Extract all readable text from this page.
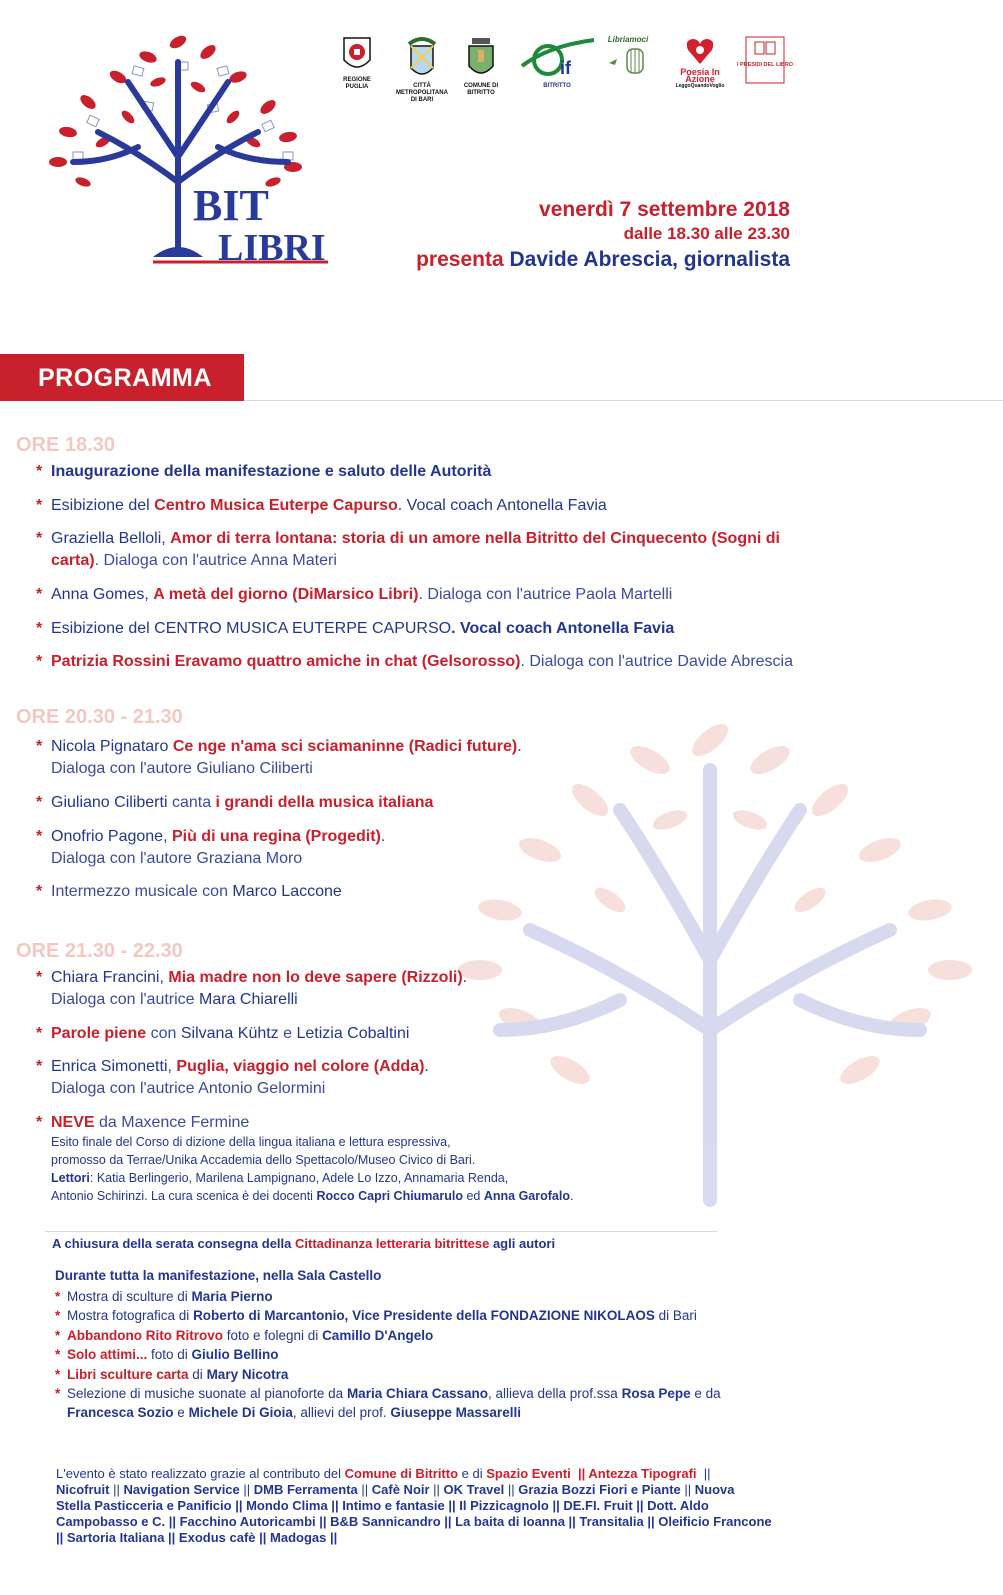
BIT
LIBRI
REGIONE PUGLIA	CITTÀ METROPOLITANA DI BARI
COMUNE DI BITRITTO
if
BITRITTO
Libriamoci
Poesia In Azione
LeggoQuandoVoglio
I PRESIDI DEL LIBRO
venerdì 7 settembre 2018
dalle 18.30 alle 23.30
presenta Davide Abrescia, giornalista
PROGRAMMA
ORE 18.30
* Inaugurazione della manifestazione e saluto delle Autorità
* Esibizione del Centro Musica Euterpe Capurso. Vocal coach Antonella Favia
* Graziella Belloli, Amor di terra lontana: storia di un amore nella Bitritto del Cinquecento (Sogni di carta). Dialoga con l'autrice Anna Materi
* Anna Gomes, A metà del giorno (DiMarsico Libri). Dialoga con l'autrice Paola Martelli
* Esibizione del CENTRO MUSICA EUTERPE CAPURSO. Vocal coach Antonella Favia
* Patrizia Rossini Eravamo quattro amiche in chat (Gelsorosso). Dialoga con l'autrice Davide Abrescia
ORE 20.30 - 21.30
* Nicola Pignataro Ce nge n'ama sci sciamaninne (Radici future).
Dialoga con l'autore Giuliano Ciliberti
* Giuliano Ciliberti canta i grandi della musica italiana
* Onofrio Pagone, Più di una regina (Progedit).
Dialoga con l'autore Graziana Moro
* Intermezzo musicale con Marco Laccone
ORE 21.30 - 22.30
* Chiara Francini, Mia madre non lo deve sapere (Rizzoli).
Dialoga con l'autrice Mara Chiarelli
* Parole piene con Silvana Kühtz e Letizia Cobaltini
* Enrica Simonetti, Puglia, viaggio nel colore (Adda).
Dialoga con l'autrice Antonio Gelormini
* NEVE da Maxence Fermine
Esito finale del Corso di dizione della lingua italiana e lettura espressiva,
promosso da Terrae/Unika Accademia dello Spettacolo/Museo Civico di Bari.
Lettori: Katia Berlingerio, Marilena Lampignano, Adele Lo Izzo, Annamaria Renda,
Antonio Schirinzi. La cura scenica è dei docenti Rocco Capri Chiumarulo ed Anna Garofalo.
A chiusura della serata consegna della Cittadinanza letteraria bitrittese agli autori
Durante tutta la manifestazione, nella Sala Castello
* Mostra di sculture di Maria Pierno
* Mostra fotografica di Roberto di Marcantonio, Vice Presidente della FONDAZIONE NIKOLAOS di Bari
* Abbandono Rito Ritrovo foto e folegni di Camillo D'Angelo
* Solo attimi... foto di Giulio Bellino
* Libri sculture carta di Mary Nicotra
* Selezione di musiche suonate al pianoforte da Maria Chiara Cassano, allieva della prof.ssa Rosa Pepe e da
Francesca Sozio e Michele Di Gioia, allievi del prof. Giuseppe Massarelli
L'evento è stato realizzato grazie al contributo del Comune di Bitritto e di Spazio Eventi  || Antezza Tipografi  ||
Nicofruit || Navigation Service || DMB Ferramenta || Cafè Noir || OK Travel || Grazia Bozzi Fiori e Piante || Nuova
Stella Pasticceria e Panificio || Mondo Clima || Intimo e fantasie || Il Pizzicagnolo || DE.FI. Fruit || Dott. Aldo
Campobasso e C. || Facchino Autoricambi || B&B Sannicandro || La baita di Ioanna || Transitalia || Oleificio Francone
|| Sartoria Italiana || Exodus cafè || Madogas ||
